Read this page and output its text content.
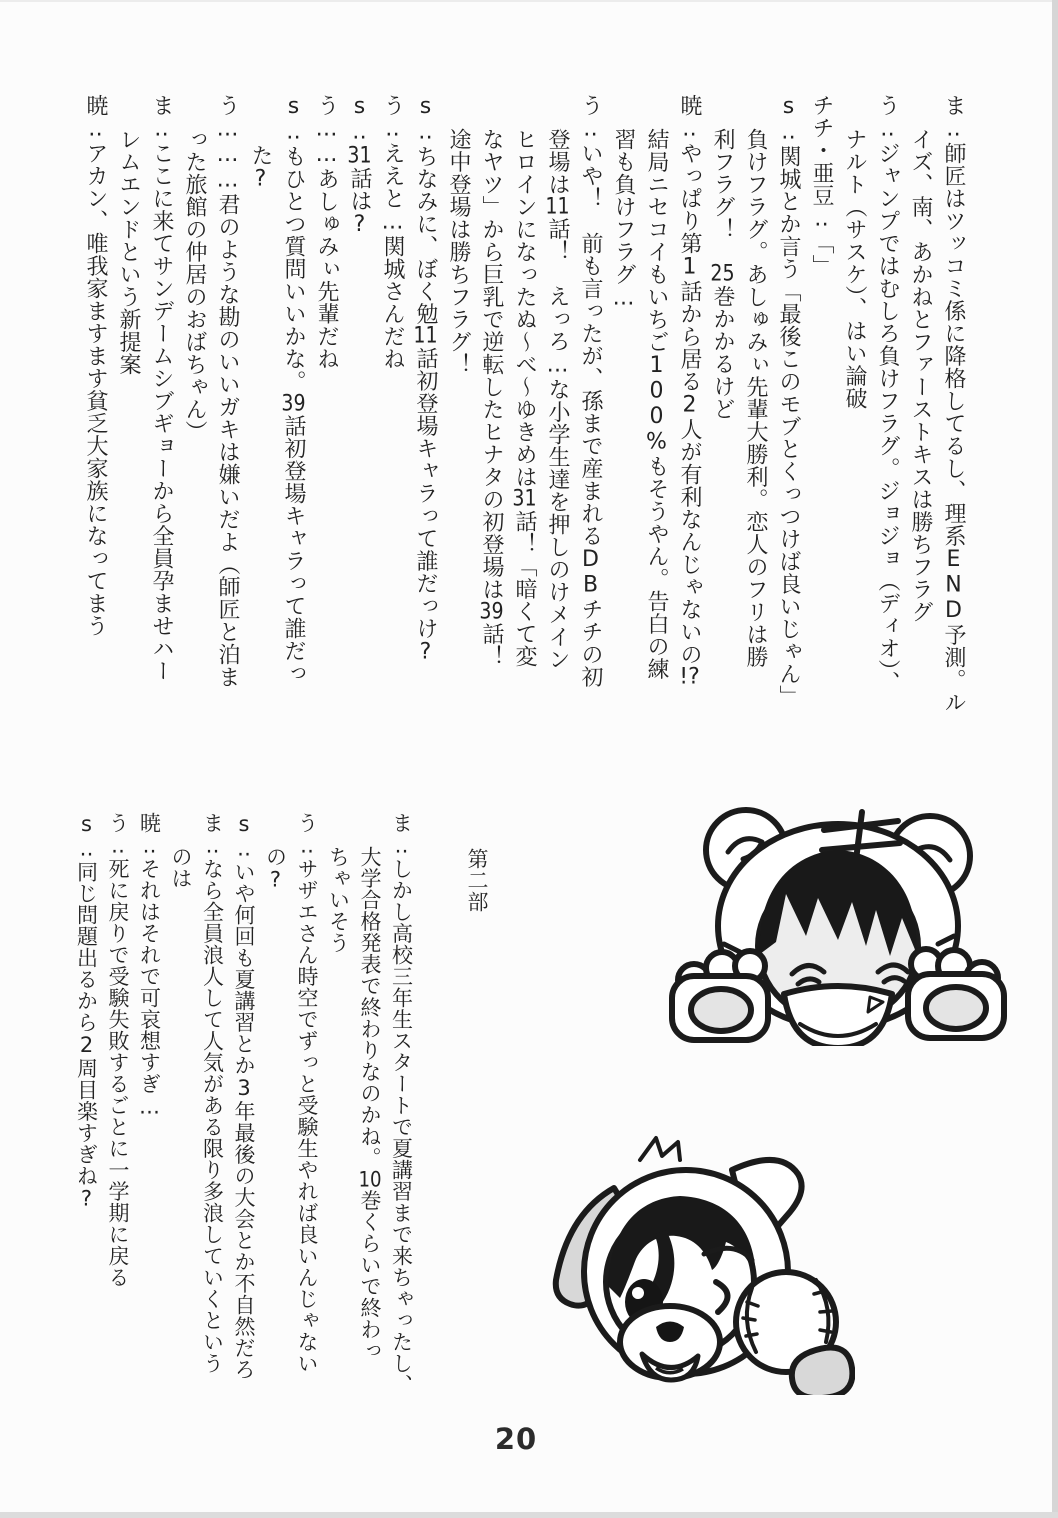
ま‥師匠はツッコミ係に降格してるし、理系END予測。ル
イズ、南、あかねとファーストキスは勝ちフラグ
う‥ジャンプではむしろ負けフラグ。ジョジョ（ディオ）、
ナルト（サスケ）、はい論破
チチ・亜豆‥「」
s‥関城とか言う「最後このモブとくっつけば良いじゃん」
負けフラグ。あしゅみぃ先輩大勝利。恋人のフリは勝
利フラグ！　25巻かかるけど
暁‥やっぱり第1話から居る2人が有利なんじゃないの!?
結局ニセコイもいちご100%もそうやん。告白の練
習も負けフラグ…
う‥いや！　前も言ったが、孫まで産まれるDBチチの初
登場は11話！　えっろ…な小学生達を押しのけメイン
ヒロインになったぬ～べ～ゆきめは31話！「暗くて変
なヤツ」から巨乳で逆転したヒナタの初登場は39話！
途中登場は勝ちフラグ！
s‥ちなみに、ぼく勉11話初登場キャラって誰だっけ?
う‥ええと…関城さんだね
s‥31話は?
う……あしゅみぃ先輩だね
s‥もひとつ質問いいかな。39話初登場キャラって誰だっ
た?
う………君のような勘のいいガキは嫌いだよ（師匠と泊ま
った旅館の仲居のおばちゃん）
ま‥ここに来てサンデームシブギョーから全員孕ませハー
レムエンドという新提案
暁‥アカン、唯我家ますます貧乏大家族になってまう
第二部
ま‥しかし高校三年生スタートで夏講習まで来ちゃったし、
大学合格発表で終わりなのかね。10巻くらいで終わっ
ちゃいそう
う‥サザエさん時空でずっと受験生やれば良いんじゃない
の?
s‥いや何回も夏講習とか3年最後の大会とか不自然だろ
ま‥なら全員浪人して人気がある限り多浪していくという
のは
暁‥それはそれで可哀想すぎ…
う‥死に戻りで受験失敗するごとに一学期に戻る
s‥同じ問題出るから2周目楽すぎね?
20
